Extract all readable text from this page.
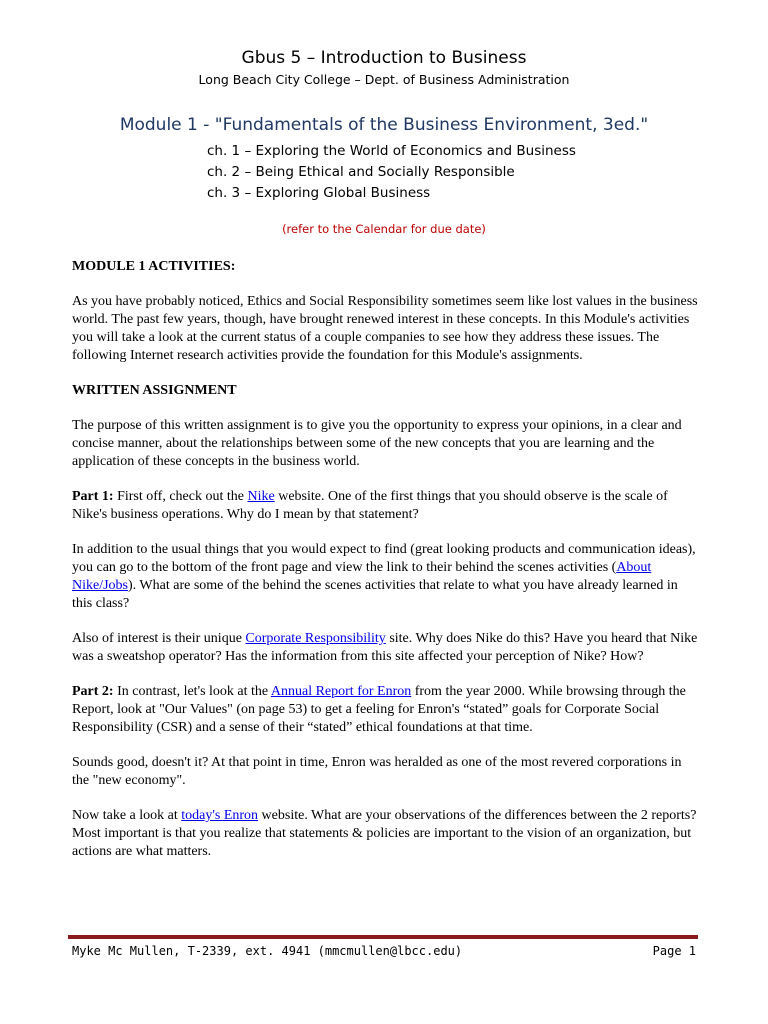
Gbus 5 – Introduction to Business
Long Beach City College – Dept. of Business Administration
Module 1 - "Fundamentals of the Business Environment, 3ed."
ch. 1 – Exploring the World of Economics and Business
ch. 2 – Being Ethical and Socially Responsible
ch. 3 – Exploring Global Business
(refer to the Calendar for due date)
MODULE 1 ACTIVITIES:

As you have probably noticed, Ethics and Social Responsibility sometimes seem like lost values in the business world. The past few years, though, have brought renewed interest in these concepts. In this Module's activities you will take a look at the current status of a couple companies to see how they address these issues. The following Internet research activities provide the foundation for this Module's assignments.

WRITTEN ASSIGNMENT

The purpose of this written assignment is to give you the opportunity to express your opinions, in a clear and concise manner, about the relationships between some of the new concepts that you are learning and the application of these concepts in the business world.

Part 1: First off, check out the Nike website. One of the first things that you should observe is the scale of Nike's business operations. Why do I mean by that statement?

In addition to the usual things that you would expect to find (great looking products and communication ideas), you can go to the bottom of the front page and view the link to their behind the scenes activities (About Nike/Jobs). What are some of the behind the scenes activities that relate to what you have already learned in this class?

Also of interest is their unique Corporate Responsibility site. Why does Nike do this? Have you heard that Nike was a sweatshop operator? Has the information from this site affected your perception of Nike? How?

Part 2: In contrast, let's look at the Annual Report for Enron from the year 2000. While browsing through the Report, look at "Our Values" (on page 53) to get a feeling for Enron's “stated” goals for Corporate Social Responsibility (CSR) and a sense of their “stated” ethical foundations at that time.

Sounds good, doesn't it? At that point in time, Enron was heralded as one of the most revered corporations in the "new economy".

Now take a look at today's Enron website. What are your observations of the differences between the 2 reports? Most important is that you realize that statements & policies are important to the vision of an organization, but actions are what matters.

Myke Mc Mullen, T-2339, ext. 4941 (mmcmullen@lbcc.edu)	Page 1
